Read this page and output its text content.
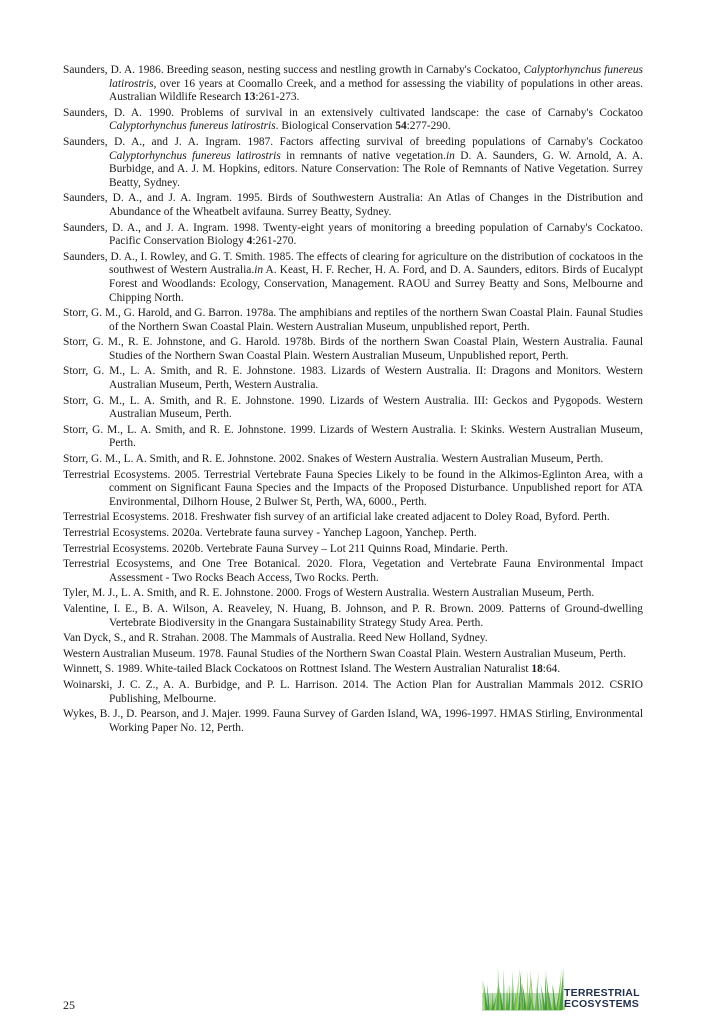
Saunders, D. A. 1986. Breeding season, nesting success and nestling growth in Carnaby's Cockatoo, Calyptorhynchus funereus latirostris, over 16 years at Coomallo Creek, and a method for assessing the viability of populations in other areas. Australian Wildlife Research 13:261-273.

Saunders, D. A. 1990. Problems of survival in an extensively cultivated landscape: the case of Carnaby's Cockatoo Calyptorhynchus funereus latirostris. Biological Conservation 54:277-290.

Saunders, D. A., and J. A. Ingram. 1987. Factors affecting survival of breeding populations of Carnaby's Cockatoo Calyptorhynchus funereus latirostris in remnants of native vegetation.in D. A. Saunders, G. W. Arnold, A. A. Burbidge, and A. J. M. Hopkins, editors. Nature Conservation: The Role of Remnants of Native Vegetation. Surrey Beatty, Sydney.

Saunders, D. A., and J. A. Ingram. 1995. Birds of Southwestern Australia: An Atlas of Changes in the Distribution and Abundance of the Wheatbelt avifauna. Surrey Beatty, Sydney.

Saunders, D. A., and J. A. Ingram. 1998. Twenty-eight years of monitoring a breeding population of Carnaby's Cockatoo. Pacific Conservation Biology 4:261-270.

Saunders, D. A., I. Rowley, and G. T. Smith. 1985. The effects of clearing for agriculture on the distribution of cockatoos in the southwest of Western Australia.in A. Keast, H. F. Recher, H. A. Ford, and D. A. Saunders, editors. Birds of Eucalypt Forest and Woodlands: Ecology, Conservation, Management. RAOU and Surrey Beatty and Sons, Melbourne and Chipping North.

Storr, G. M., G. Harold, and G. Barron. 1978a. The amphibians and reptiles of the northern Swan Coastal Plain. Faunal Studies of the Northern Swan Coastal Plain. Western Australian Museum, unpublished report, Perth.

Storr, G. M., R. E. Johnstone, and G. Harold. 1978b. Birds of the northern Swan Coastal Plain, Western Australia. Faunal Studies of the Northern Swan Coastal Plain. Western Australian Museum, Unpublished report, Perth.

Storr, G. M., L. A. Smith, and R. E. Johnstone. 1983. Lizards of Western Australia. II: Dragons and Monitors. Western Australian Museum, Perth, Western Australia.

Storr, G. M., L. A. Smith, and R. E. Johnstone. 1990. Lizards of Western Australia. III: Geckos and Pygopods. Western Australian Museum, Perth.

Storr, G. M., L. A. Smith, and R. E. Johnstone. 1999. Lizards of Western Australia. I: Skinks. Western Australian Museum, Perth.

Storr, G. M., L. A. Smith, and R. E. Johnstone. 2002. Snakes of Western Australia. Western Australian Museum, Perth.

Terrestrial Ecosystems. 2005. Terrestrial Vertebrate Fauna Species Likely to be found in the Alkimos-Eglinton Area, with a comment on Significant Fauna Species and the Impacts of the Proposed Disturbance. Unpublished report for ATA Environmental, Dilhorn House, 2 Bulwer St, Perth, WA, 6000., Perth.

Terrestrial Ecosystems. 2018. Freshwater fish survey of an artificial lake created adjacent to Doley Road, Byford. Perth.

Terrestrial Ecosystems. 2020a. Vertebrate fauna survey - Yanchep Lagoon, Yanchep. Perth.

Terrestrial Ecosystems. 2020b. Vertebrate Fauna Survey – Lot 211 Quinns Road, Mindarie. Perth.

Terrestrial Ecosystems, and One Tree Botanical. 2020. Flora, Vegetation and Vertebrate Fauna Environmental Impact Assessment - Two Rocks Beach Access, Two Rocks. Perth.

Tyler, M. J., L. A. Smith, and R. E. Johnstone. 2000. Frogs of Western Australia. Western Australian Museum, Perth.

Valentine, I. E., B. A. Wilson, A. Reaveley, N. Huang, B. Johnson, and P. R. Brown. 2009. Patterns of Ground-dwelling Vertebrate Biodiversity in the Gnangara Sustainability Strategy Study Area. Perth.

Van Dyck, S., and R. Strahan. 2008. The Mammals of Australia. Reed New Holland, Sydney.

Western Australian Museum. 1978. Faunal Studies of the Northern Swan Coastal Plain. Western Australian Museum, Perth.

Winnett, S. 1989. White-tailed Black Cockatoos on Rottnest Island. The Western Australian Naturalist 18:64.

Woinarski, J. C. Z., A. A. Burbidge, and P. L. Harrison. 2014. The Action Plan for Australian Mammals 2012. CSRIO Publishing, Melbourne.

Wykes, B. J., D. Pearson, and J. Majer. 1999. Fauna Survey of Garden Island, WA, 1996-1997. HMAS Stirling, Environmental Working Paper No. 12, Perth.

25
TERRESTRIAL
ECOSYSTEMS
